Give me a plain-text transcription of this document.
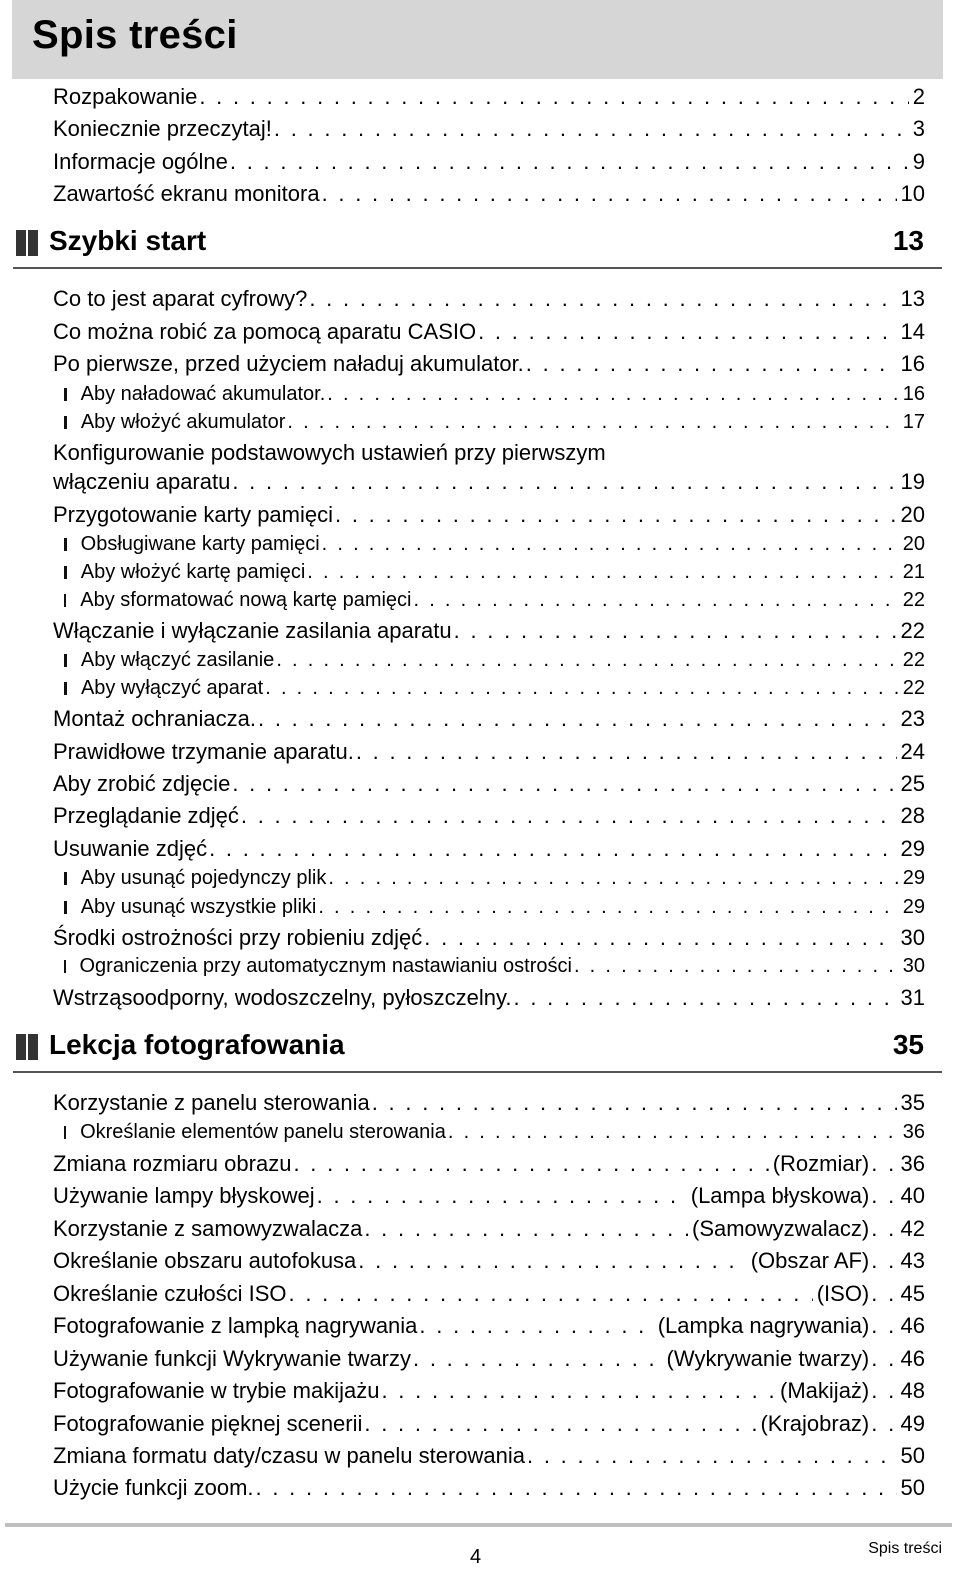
Spis treści
Rozpakowanie . . .	2
Koniecznie przeczytaj! . . .	3
Informacje ogólne . . .	9
Zawartość ekranu monitora . . .	10
Szybki start	13
Co to jest aparat cyfrowy? . . .	13
Co można robić za pomocą aparatu CASIO . . .	14
Po pierwsze, przed użyciem naładuj akumulator. . . .	16
Aby naładować akumulator. . . .	16
Aby włożyć akumulator . . .	17
Konfigurowanie podstawowych ustawień przy pierwszym
włączeniu aparatu . . .	19
Przygotowanie karty pamięci . . .	20
Obsługiwane karty pamięci . . .	20
Aby włożyć kartę pamięci . . .	21
Aby sformatować nową kartę pamięci . . .	22
Włączanie i wyłączanie zasilania aparatu . . .	22
Aby włączyć zasilanie . . .	22
Aby wyłączyć aparat . . .	22
Montaż ochraniacza. . . .	23
Prawidłowe trzymanie aparatu. . . .	24
Aby zrobić zdjęcie . . .	25
Przeglądanie zdjęć . . .	28
Usuwanie zdjęć . . .	29
Aby usunąć pojedynczy plik . . .	29
Aby usunąć wszystkie pliki . . .	29
Środki ostrożności przy robieniu zdjęć . . .	30
Ograniczenia przy automatycznym nastawianiu ostrości . . .	30
Wstrząsoodporny, wodoszczelny, pyłoszczelny. . . .	31
Lekcja fotografowania	35
Korzystanie z panelu sterowania . . .	35
Określanie elementów panelu sterowania . . .	36
Zmiana rozmiaru obrazu . . .	(Rozmiar) . . 36
Używanie lampy błyskowej . . .	(Lampa błyskowa) . . 40
Korzystanie z samowyzwalacza . . .	(Samowyzwalacz) . . 42
Określanie obszaru autofokusa . . .	(Obszar AF) . . 43
Określanie czułości ISO . . .	(ISO) . . 45
Fotografowanie z lampką nagrywania . . .	(Lampka nagrywania) . . 46
Używanie funkcji Wykrywanie twarzy . . .	(Wykrywanie twarzy) . . 46
Fotografowanie w trybie makijażu . . .	(Makijaż) . . 48
Fotografowanie pięknej scenerii . . .	(Krajobraz) . . 49
Zmiana formatu daty/czasu w panelu sterowania . . .	50
Użycie funkcji zoom. . . .	50
Spis treści
4
